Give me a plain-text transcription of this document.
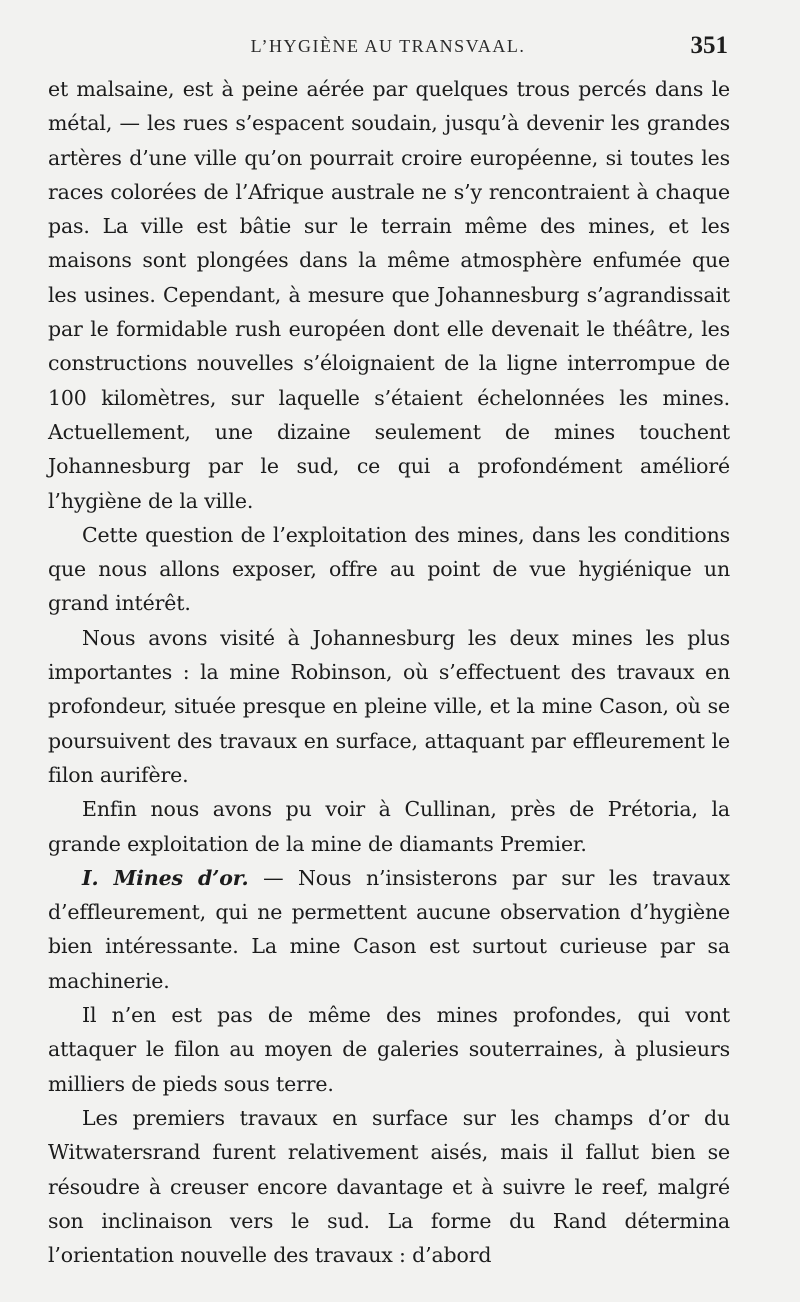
L’HYGIÈNE AU TRANSVAAL.	351

et malsaine, est à peine aérée par quelques trous percés dans le métal, — les rues s’espacent soudain, jusqu’à devenir les grandes artères d’une ville qu’on pourrait croire européenne, si toutes les races colorées de l’Afrique australe ne s’y rencontraient à chaque pas. La ville est bâtie sur le terrain même des mines, et les maisons sont plongées dans la même atmosphère enfumée que les usines. Cependant, à mesure que Johannesburg s’agrandissait par le formidable rush européen dont elle devenait le théâtre, les constructions nouvelles s’éloignaient de la ligne interrompue de 100 kilomètres, sur laquelle s’étaient échelonnées les mines. Actuellement, une dizaine seulement de mines touchent Johannesburg par le sud, ce qui a profondément amélioré l’hygiène de la ville.

Cette question de l’exploitation des mines, dans les conditions que nous allons exposer, offre au point de vue hygiénique un grand intérêt.

Nous avons visité à Johannesburg les deux mines les plus importantes : la mine Robinson, où s’effectuent des travaux en profondeur, située presque en pleine ville, et la mine Cason, où se poursuivent des travaux en surface, attaquant par effleurement le filon aurifère.

Enfin nous avons pu voir à Cullinan, près de Prétoria, la grande exploitation de la mine de diamants Premier.

I. Mines d’or. — Nous n’insisterons par sur les travaux d’effleurement, qui ne permettent aucune observation d’hygiène bien intéressante. La mine Cason est surtout curieuse par sa machinerie.

Il n’en est pas de même des mines profondes, qui vont attaquer le filon au moyen de galeries souterraines, à plusieurs milliers de pieds sous terre.

Les premiers travaux en surface sur les champs d’or du Witwatersrand furent relativement aisés, mais il fallut bien se résoudre à creuser encore davantage et à suivre le reef, malgré son inclinaison vers le sud. La forme du Rand détermina l’orientation nouvelle des travaux : d’abord
